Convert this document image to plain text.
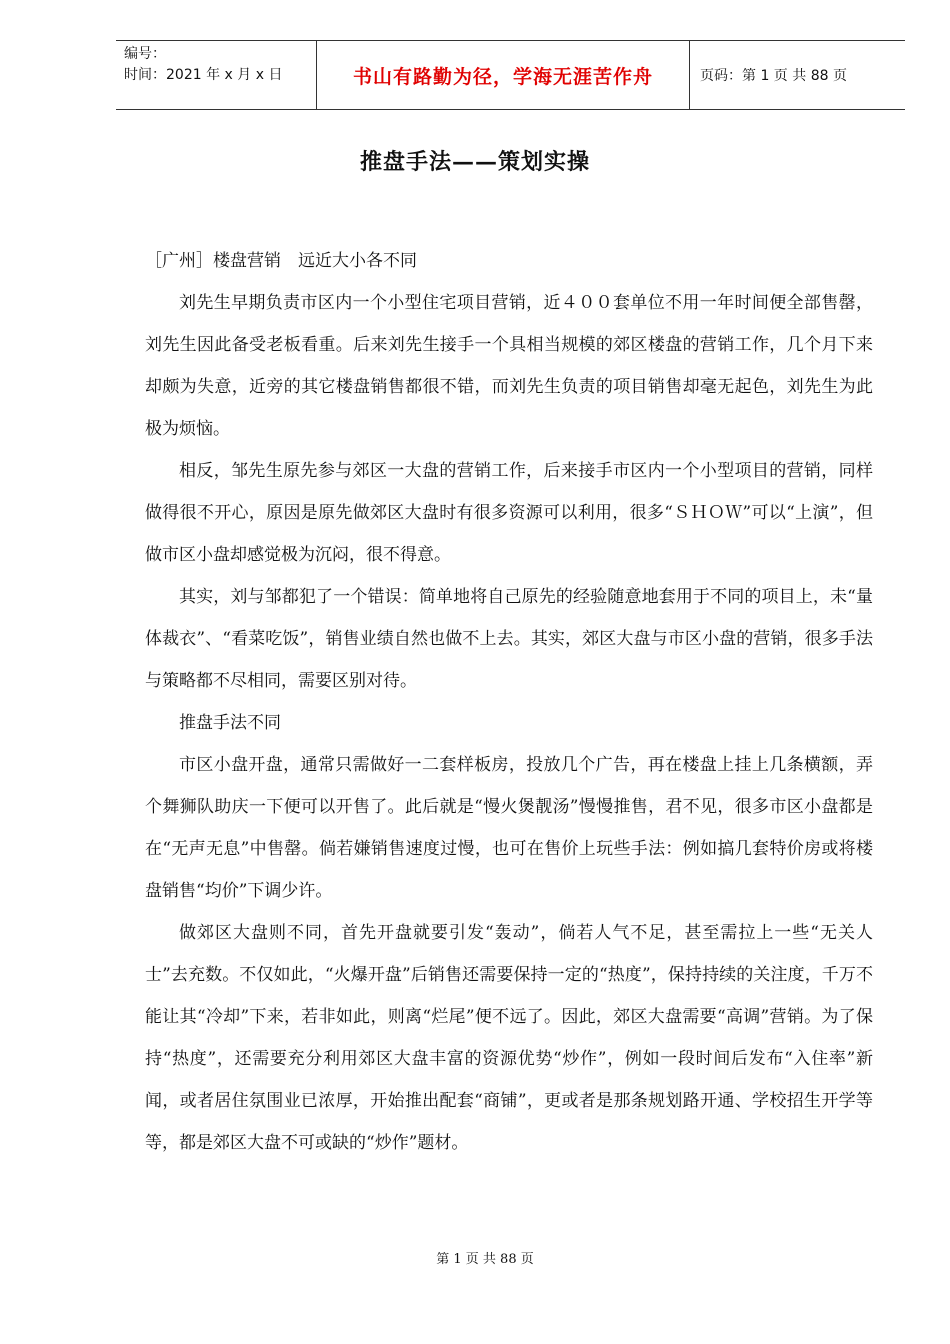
编号：
时间：2021 年 x 月 x 日	书山有路勤为径，学海无涯苦作舟	页码：第 1 页 共 88 页
推盘手法——策划实操

［广州］楼盘营销　远近大小各不同

刘先生早期负责市区内一个小型住宅项目营销，近４００套单位不用一年时间便全部售罄，刘先生因此备受老板看重。后来刘先生接手一个具相当规模的郊区楼盘的营销工作，几个月下来却颇为失意，近旁的其它楼盘销售都很不错，而刘先生负责的项目销售却毫无起色，刘先生为此极为烦恼。

相反，邹先生原先参与郊区一大盘的营销工作，后来接手市区内一个小型项目的营销，同样做得很不开心，原因是原先做郊区大盘时有很多资源可以利用，很多“ＳＨＯＷ”可以“上演”，但做市区小盘却感觉极为沉闷，很不得意。

其实，刘与邹都犯了一个错误：简单地将自己原先的经验随意地套用于不同的项目上，未“量体裁衣”、“看菜吃饭”，销售业绩自然也做不上去。其实，郊区大盘与市区小盘的营销，很多手法与策略都不尽相同，需要区别对待。

推盘手法不同

市区小盘开盘，通常只需做好一二套样板房，投放几个广告，再在楼盘上挂上几条横额，弄个舞狮队助庆一下便可以开售了。此后就是“慢火煲靓汤”慢慢推售，君不见，很多市区小盘都是在“无声无息”中售罄。倘若嫌销售速度过慢，也可在售价上玩些手法：例如搞几套特价房或将楼盘销售“均价”下调少许。

做郊区大盘则不同，首先开盘就要引发“轰动”，倘若人气不足，甚至需拉上一些“无关人士”去充数。不仅如此，“火爆开盘”后销售还需要保持一定的“热度”，保持持续的关注度，千万不能让其“冷却”下来，若非如此，则离“烂尾”便不远了。因此，郊区大盘需要“高调”营销。为了保持“热度”，还需要充分利用郊区大盘丰富的资源优势“炒作”，例如一段时间后发布“入住率”新闻，或者居住氛围业已浓厚，开始推出配套“商铺”，更或者是那条规划路开通、学校招生开学等等，都是郊区大盘不可或缺的“炒作”题材。

第 1 页 共 88 页
